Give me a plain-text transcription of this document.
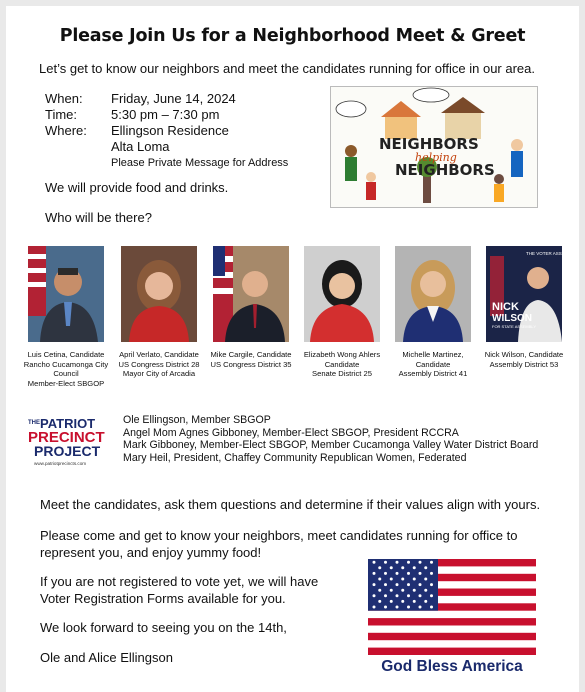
Please Join Us for a Neighborhood Meet & Greet
Let’s get to know our neighbors and meet the candidates running for office in our area.
When:	Friday, June 14, 2024
Time:	5:30 pm – 7:30 pm
Where:	Ellingson Residence
Alta Loma
Please Private Message for Address
We will provide food and drinks.
Who will be there?
NEIGHBORS
helping
NEIGHBORS
Luis Cetina, Candidate
Rancho Cucamonga City
Council
Member-Elect SBGOP
April Verlato, Candidate
US Congress District 28
Mayor City of Arcadia
Mike Cargile, Candidate
US Congress District 35
Elizabeth Wong Ahlers
Candidate
Senate District 25
Michelle Martinez,
Candidate
Assembly District 41
THE VOTER ASSEMBLY
NICK
WILSON
FOR STATE ASSEMBLY
Nick Wilson, Candidate
Assembly District 53
THE PATRIOT
PRECINCT
PROJECT
www.patriotprecincts.com
Ole Ellingson, Member SBGOP
Angel Mom Agnes Gibboney, Member-Elect SBGOP, President RCCRA
Mark Gibboney, Member-Elect SBGOP, Member Cucamonga Valley Water District Board
Mary Heil, President, Chaffey Community Republican Women, Federated
Meet the candidates, ask them questions and determine if their values align with yours.
Please come and get to know your neighbors, meet candidates running for office to
represent you, and enjoy yummy food!
If you are not registered to vote yet, we will have
Voter Registration Forms available for you.
We look forward to seeing you on the 14th,
Ole and Alice Ellingson
God Bless America
